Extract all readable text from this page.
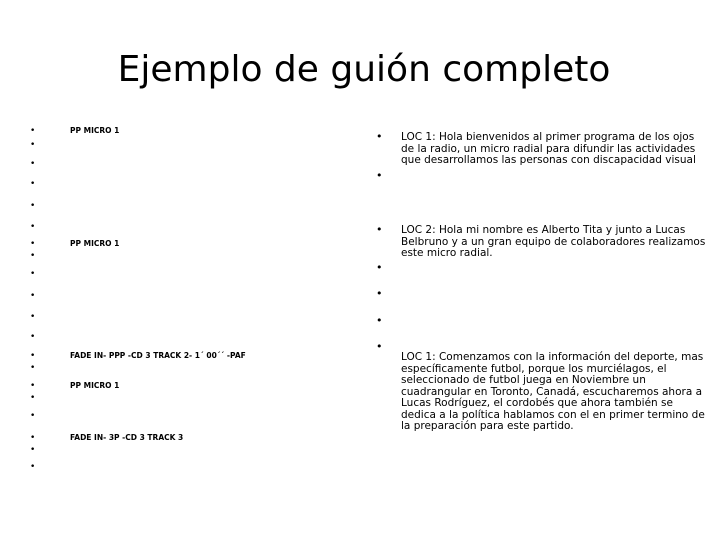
Ejemplo de guión completo
•	PP MICRO 1
•
•
•
•
•
•	PP MICRO 1
•
•
•
•
•
•	FADE IN- PPP -CD 3 TRACK 2- 1´ 00´´ -PAF
•
•	PP MICRO 1
•
•
•	FADE IN- 3P -CD 3 TRACK 3
•
•
• LOC 1: Hola bienvenidos al primer programa de los ojos de la radio, un micro radial para difundir las actividades que desarrollamos las personas con discapacidad visual
•
• LOC 2: Hola mi nombre es Alberto Tita y junto a Lucas Belbruno y a un gran equipo de colaboradores realizamos este micro radial.
•
•
•
•
LOC 1: Comenzamos con la información del deporte, mas específicamente futbol, porque los murciélagos, el seleccionado de futbol juega en Noviembre un cuadrangular en Toronto, Canadá, escucharemos ahora a Lucas Rodríguez, el cordobés que ahora también se dedica a la política hablamos con el en primer termino de la preparación para este partido.
